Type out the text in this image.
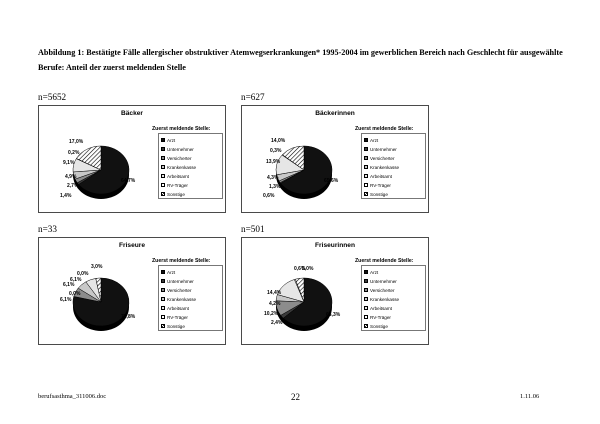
Abbildung 1: Bestätigte Fälle allergischer obstruktiver Atemwegserkrankungen* 1995-2004 im gewerblichen Bereich nach Geschlecht für ausgewählte
Berufe: Anteil der zuerst meldenden Stelle
n=5652
Bäcker
64,7%
1,4%
2,7%
4,9%
9,1%
0,2%
17,0%
Zuerst meldende Stelle:
Arzt
Unternehmer
Versicherter
Krankenkasse
Arbeitsamt
RV-Träger
Sonstige
n=627
Bäckerinnen
65,6%
0,6%
1,3%
4,3%
13,9%
0,3%
14,0%
Zuerst meldende Stelle:
Arzt
Unternehmer
Versicherter
Krankenkasse
Arbeitsamt
RV-Träger
Sonstige
n=33
Friseure
78,8%
0,0%
6,1%
6,1%
6,1%
0,0%
3,0%
Zuerst meldende Stelle:
Arzt
Unternehmer
Versicherter
Krankenkasse
Arbeitsamt
RV-Träger
Sonstige
n=501
Friseurinnen
63,3%
2,4%
10,2%
4,2%
14,4%
0,6%
5,0%
Zuerst meldende Stelle:
Arzt
Unternehmer
Versicherter
Krankenkasse
Arbeitsamt
RV-Träger
Sonstige
berufsasthma_311006.doc	22	1.11.06
